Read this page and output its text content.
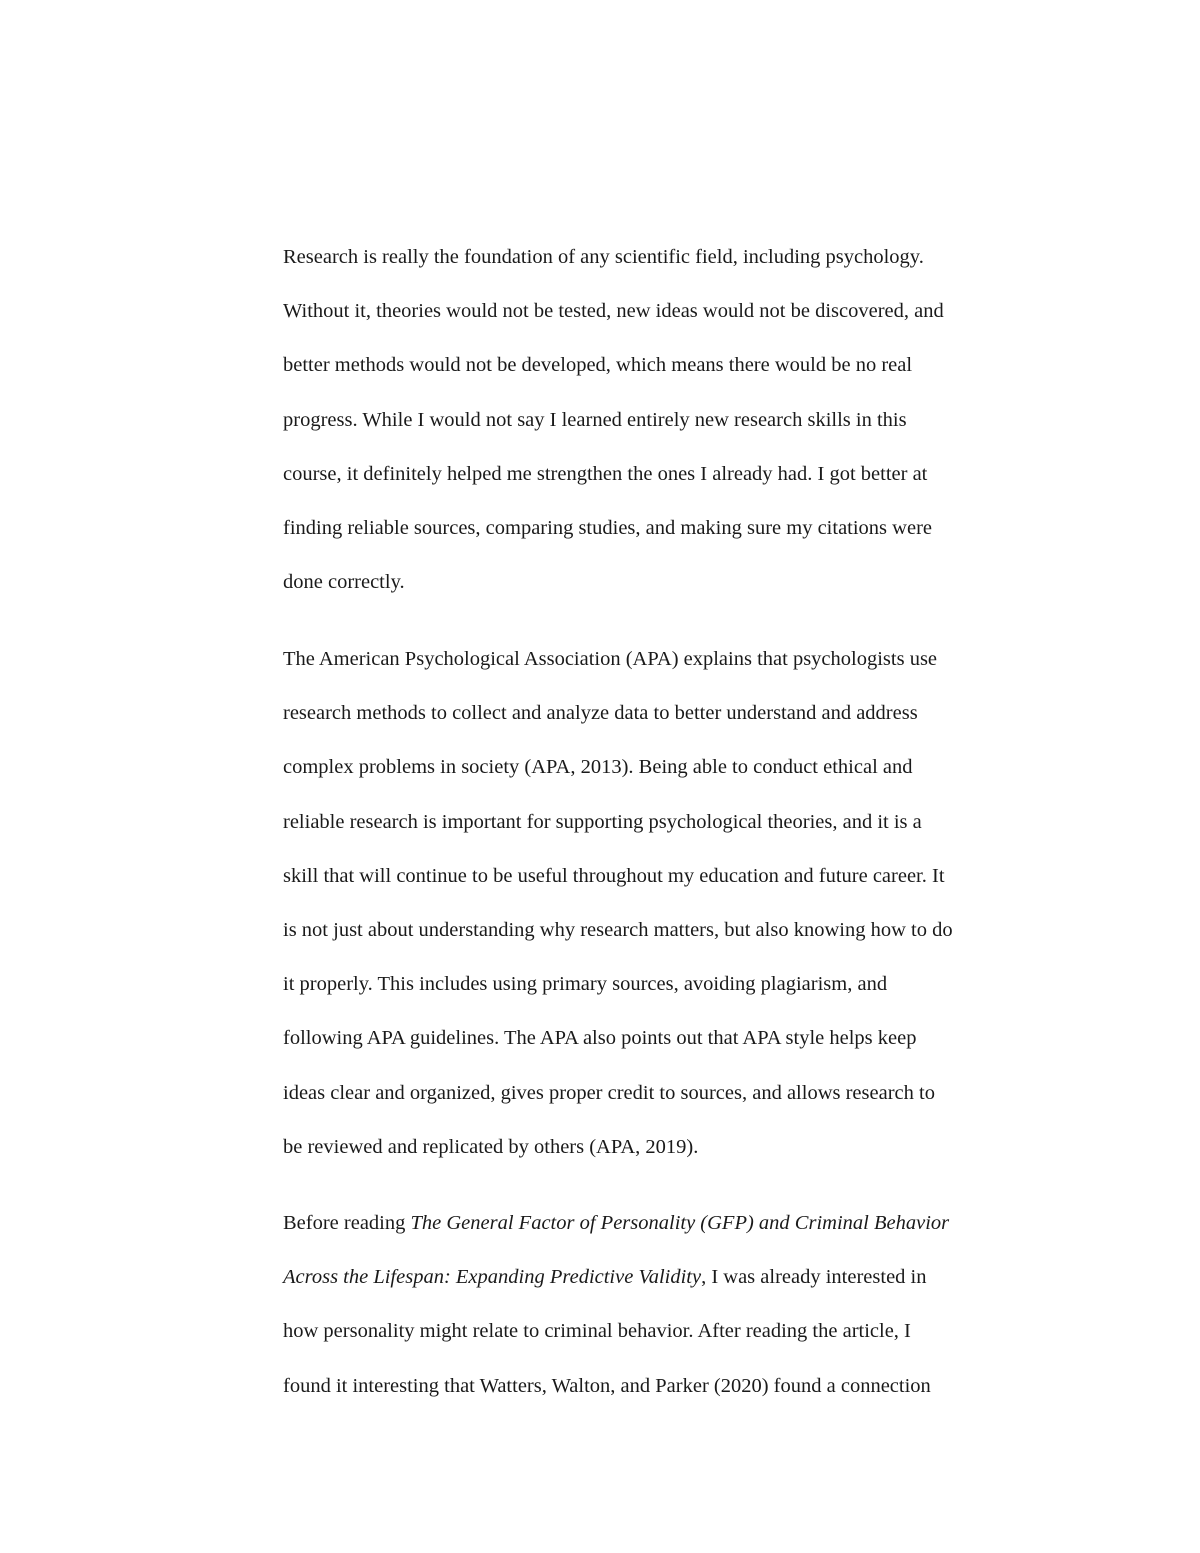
Research is really the foundation of any scientific field, including psychology.
Without it, theories would not be tested, new ideas would not be discovered, and
better methods would not be developed, which means there would be no real
progress. While I would not say I learned entirely new research skills in this
course, it definitely helped me strengthen the ones I already had. I got better at
finding reliable sources, comparing studies, and making sure my citations were
done correctly.
The American Psychological Association (APA) explains that psychologists use
research methods to collect and analyze data to better understand and address
complex problems in society (APA, 2013). Being able to conduct ethical and
reliable research is important for supporting psychological theories, and it is a
skill that will continue to be useful throughout my education and future career. It
is not just about understanding why research matters, but also knowing how to do
it properly. This includes using primary sources, avoiding plagiarism, and
following APA guidelines. The APA also points out that APA style helps keep
ideas clear and organized, gives proper credit to sources, and allows research to
be reviewed and replicated by others (APA, 2019).
Before reading The General Factor of Personality (GFP) and Criminal Behavior
Across the Lifespan: Expanding Predictive Validity, I was already interested in
how personality might relate to criminal behavior. After reading the article, I
found it interesting that Watters, Walton, and Parker (2020) found a connection
